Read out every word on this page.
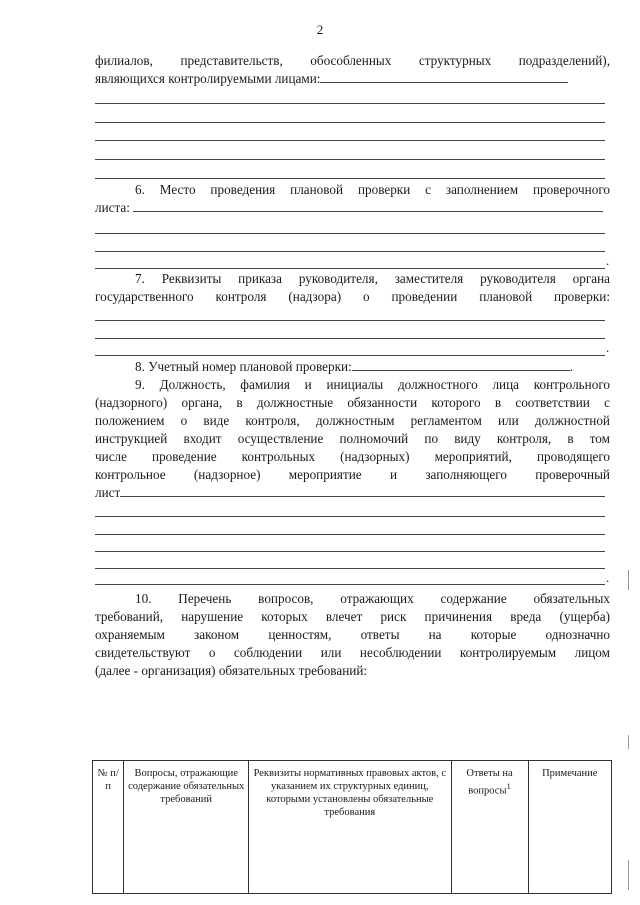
2
филиалов, представительств, обособленных структурных подразделений),
являющихся контролируемыми лицами:
6. Место проведения плановой проверки с заполнением проверочного
листа:
.
7. Реквизиты приказа руководителя, заместителя руководителя органа
государственного контроля (надзора) о проведении плановой проверки:
.
8. Учетный номер плановой проверки:	.
9. Должность, фамилия и инициалы должностного лица контрольного
(надзорного) органа, в должностные обязанности которого в соответствии с
положением о виде контроля, должностным регламентом или должностной
инструкцией входит осуществление полномочий по виду контроля, в том
числе проведение контрольных (надзорных) мероприятий, проводящего
контрольное (надзорное) мероприятие и заполняющего проверочный
лист
.
10. Перечень вопросов, отражающих содержание обязательных
требований, нарушение которых влечет риск причинения вреда (ущерба)
охраняемым законом ценностям, ответы на которые однозначно
свидетельствуют о соблюдении или несоблюдении контролируемым лицом
(далее - организация) обязательных требований:
№ п/п	Вопросы, отражающие содержание обязательных требований	Реквизиты нормативных правовых актов, с указанием их структурных единиц, которыми установлены обязательные требования	Ответы на вопросы$^1$	Примечание
